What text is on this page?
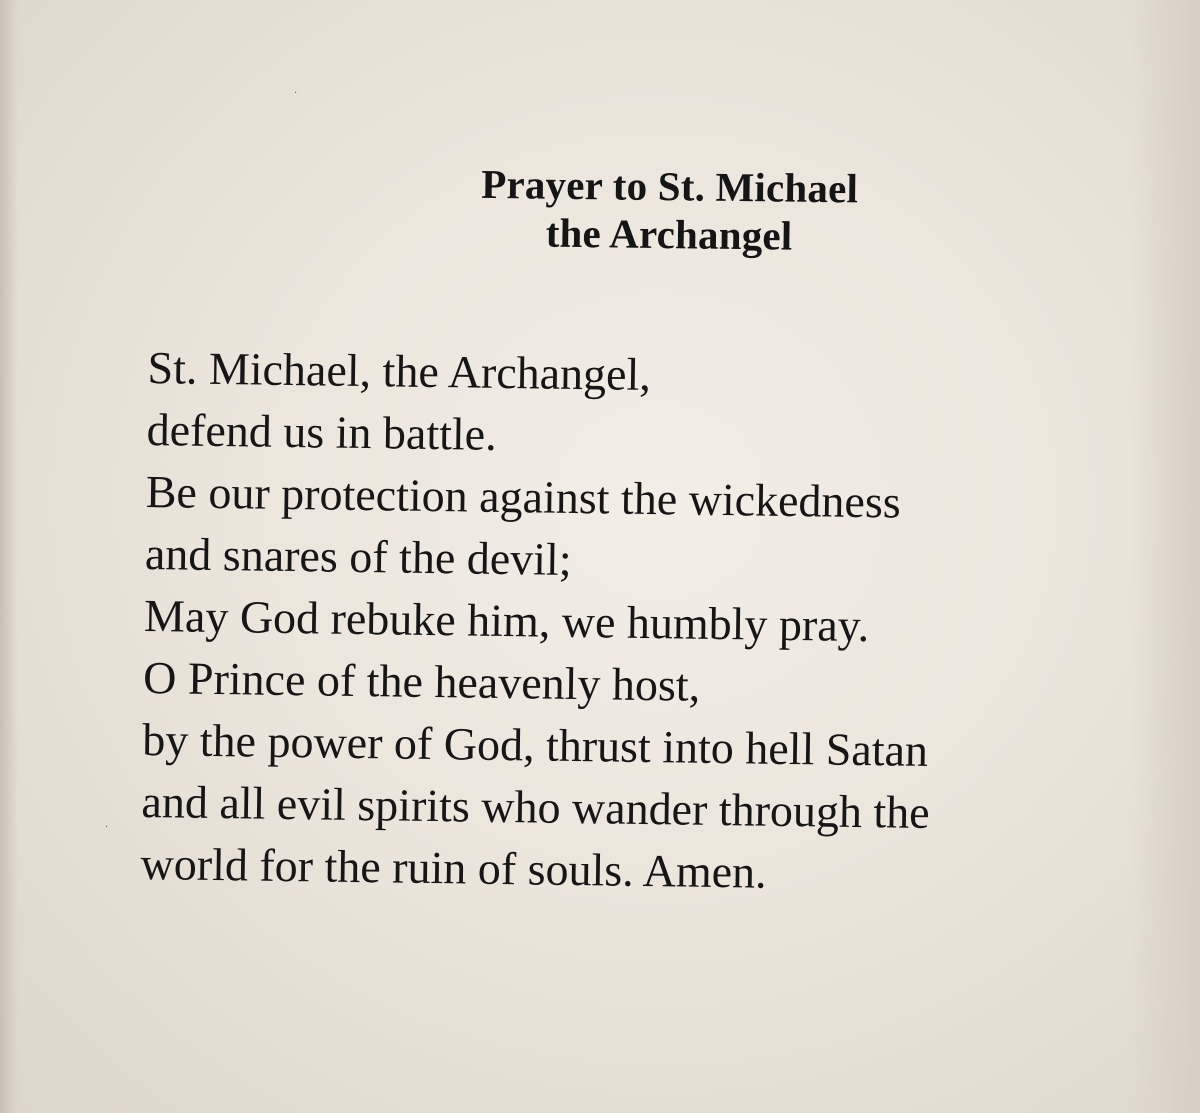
·
·
Prayer to St. Michael
the Archangel
St. Michael, the Archangel,
defend us in battle.
Be our protection against the wickedness
and snares of the devil;
May God rebuke him, we humbly pray.
O Prince of the heavenly host,
by the power of God, thrust into hell Satan
and all evil spirits who wander through the
world for the ruin of souls. Amen.
